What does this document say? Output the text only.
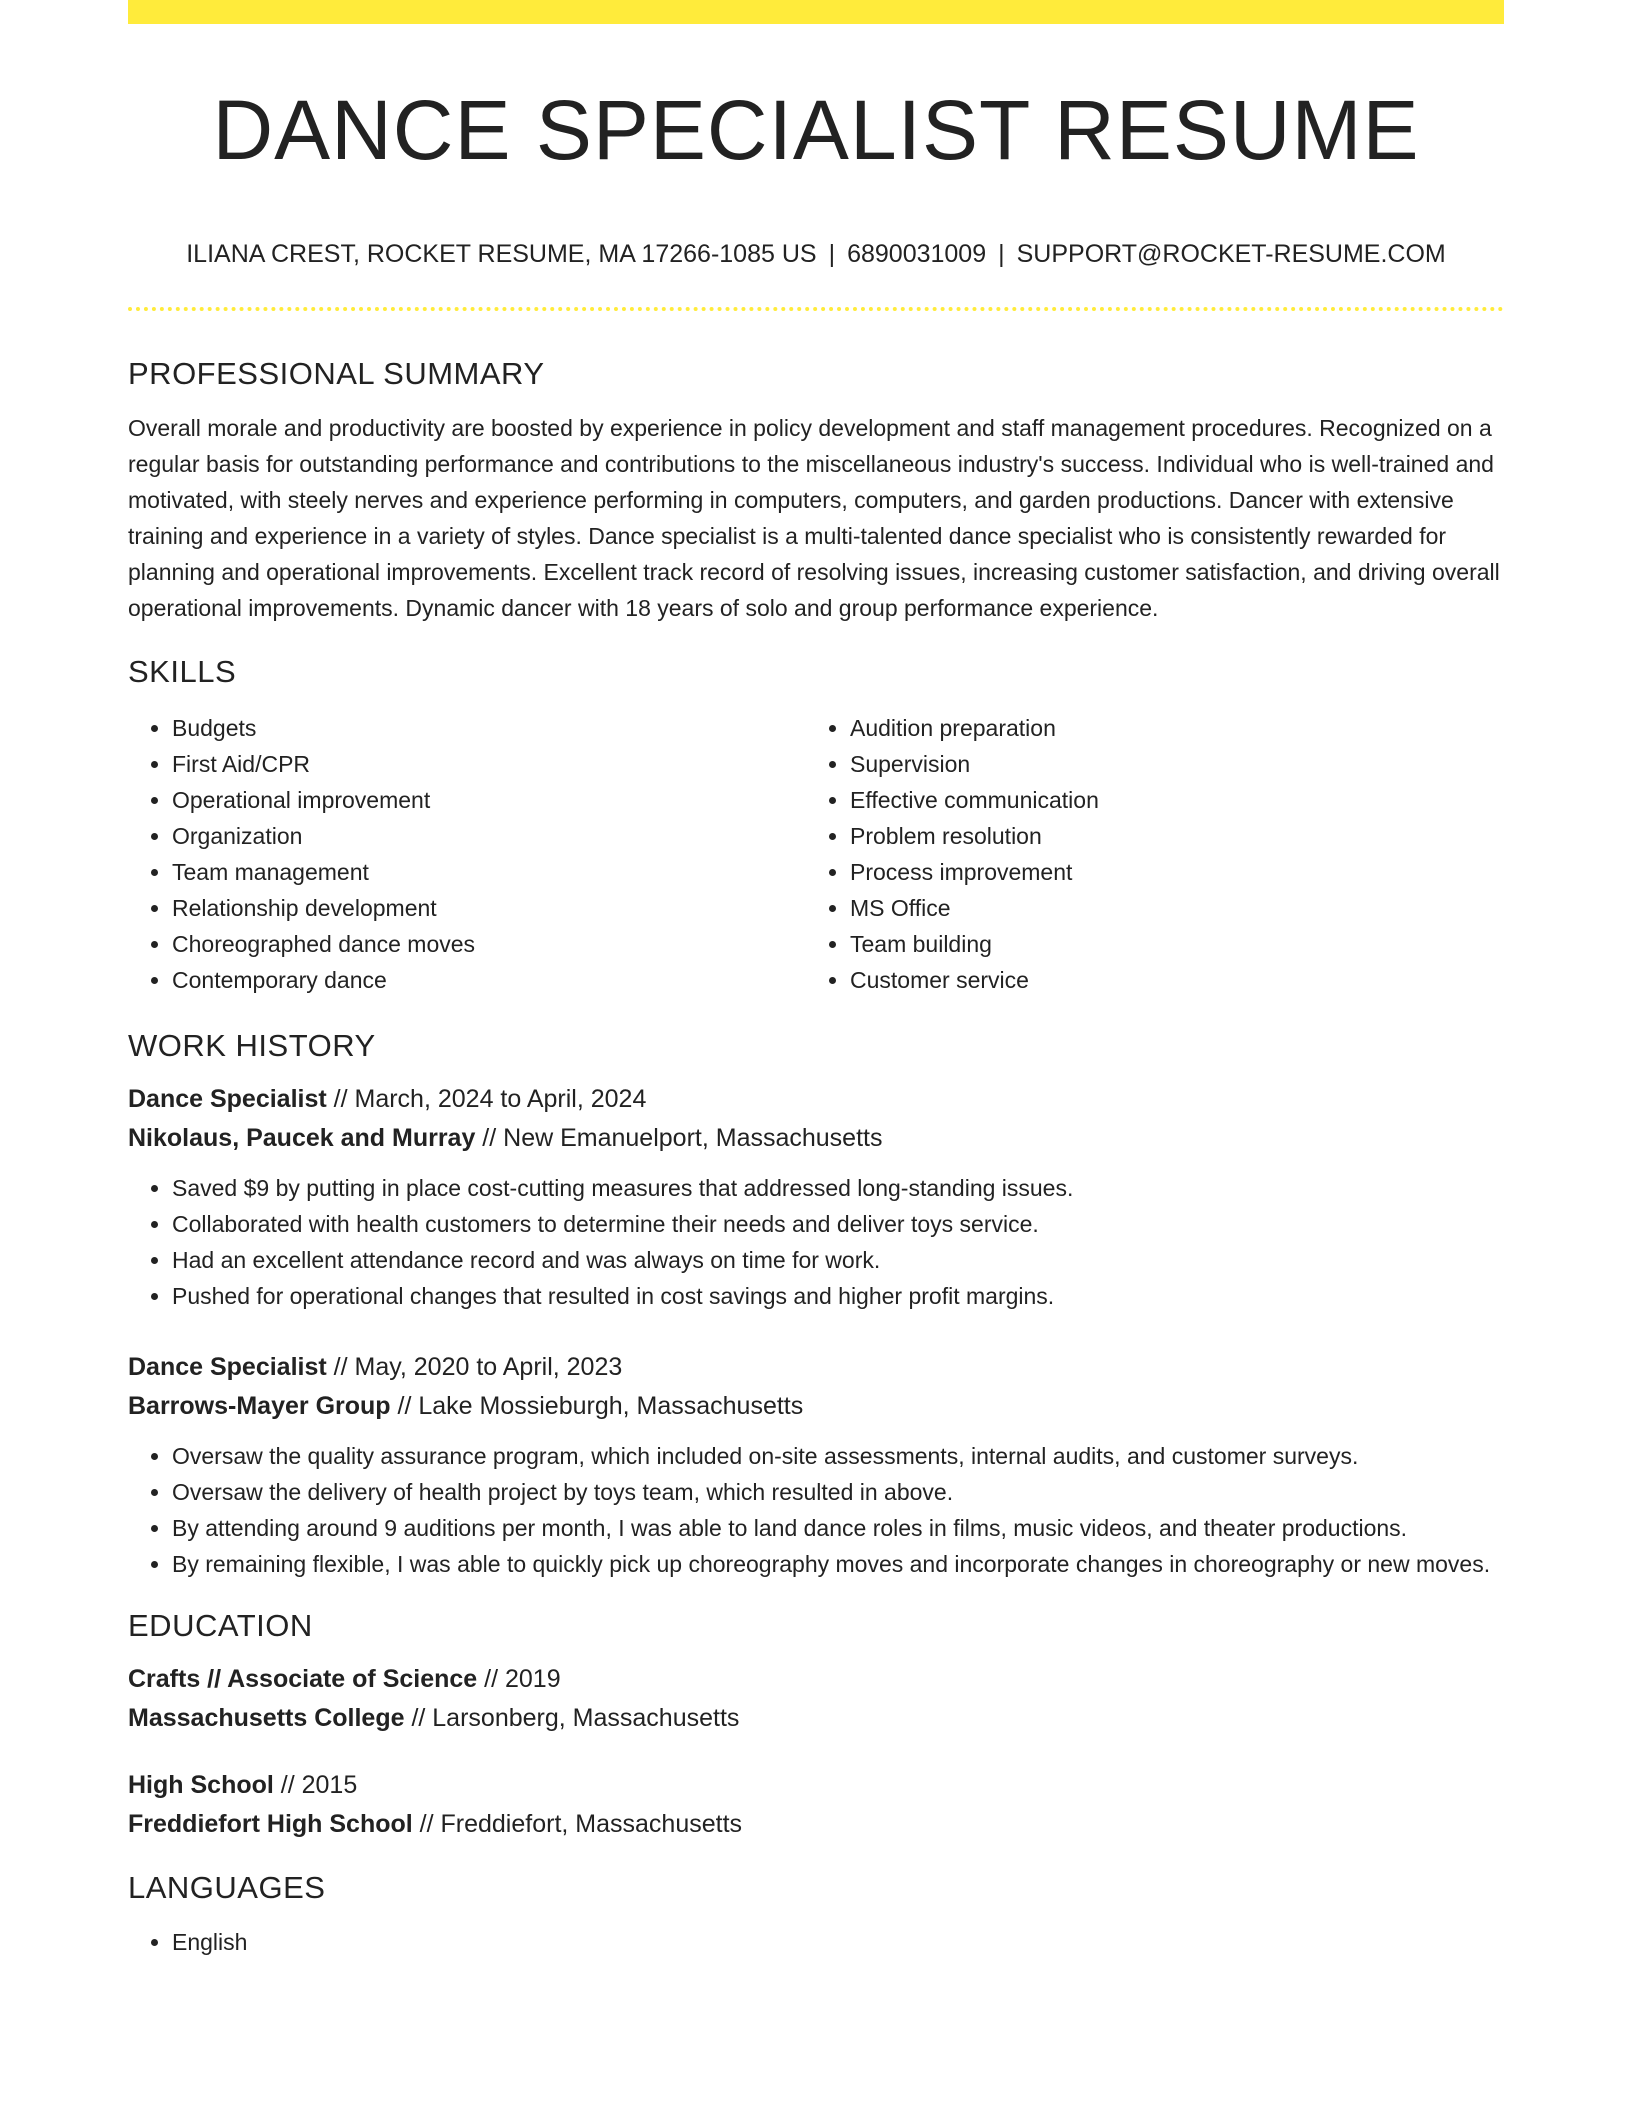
DANCE SPECIALIST RESUME
ILIANA CREST, ROCKET RESUME, MA 17266-1085 US | 6890031009 | SUPPORT@ROCKET-RESUME.COM
PROFESSIONAL SUMMARY

Overall morale and productivity are boosted by experience in policy development and staff management procedures. Recognized on a regular basis for outstanding performance and contributions to the miscellaneous industry's success. Individual who is well-trained and motivated, with steely nerves and experience performing in computers, computers, and garden productions. Dancer with extensive training and experience in a variety of styles. Dance specialist is a multi-talented dance specialist who is consistently rewarded for planning and operational improvements. Excellent track record of resolving issues, increasing customer satisfaction, and driving overall operational improvements. Dynamic dancer with 18 years of solo and group performance experience.

SKILLS
• Budgets
• First Aid/CPR
• Operational improvement
• Organization
• Team management
• Relationship development
• Choreographed dance moves
• Contemporary dance
• Audition preparation
• Supervision
• Effective communication
• Problem resolution
• Process improvement
• MS Office
• Team building
• Customer service
WORK HISTORY
Dance Specialist // March, 2024 to April, 2024
Nikolaus, Paucek and Murray // New Emanuelport, Massachusetts
• Saved $9 by putting in place cost-cutting measures that addressed long-standing issues.
• Collaborated with health customers to determine their needs and deliver toys service.
• Had an excellent attendance record and was always on time for work.
• Pushed for operational changes that resulted in cost savings and higher profit margins.
Dance Specialist // May, 2020 to April, 2023
Barrows-Mayer Group // Lake Mossieburgh, Massachusetts
• Oversaw the quality assurance program, which included on-site assessments, internal audits, and customer surveys.
• Oversaw the delivery of health project by toys team, which resulted in above.
• By attending around 9 auditions per month, I was able to land dance roles in films, music videos, and theater productions.
• By remaining flexible, I was able to quickly pick up choreography moves and incorporate changes in choreography or new moves.
EDUCATION
Crafts // Associate of Science // 2019
Massachusetts College // Larsonberg, Massachusetts
High School // 2015
Freddiefort High School // Freddiefort, Massachusetts
LANGUAGES
• English
